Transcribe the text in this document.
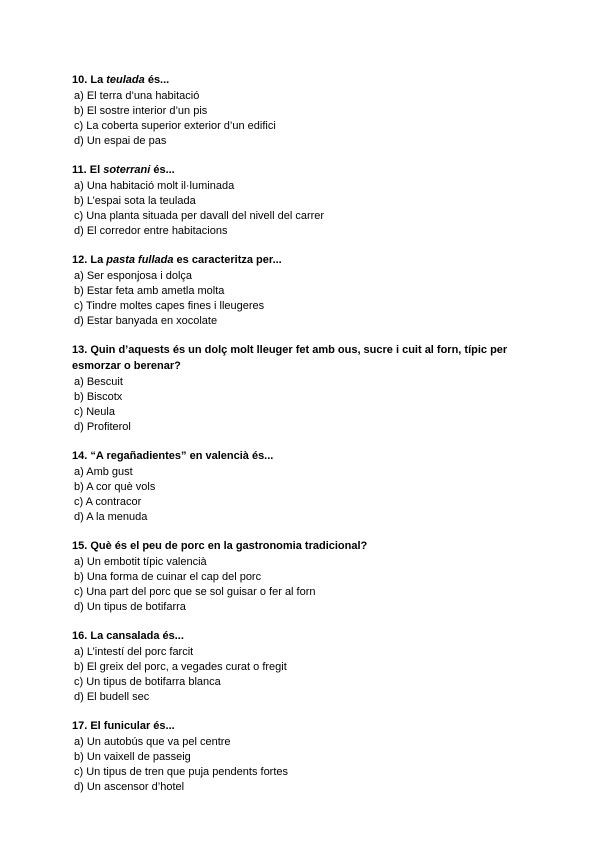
10. La teulada és...
a) El terra d’una habitació
b) El sostre interior d’un pis
c) La coberta superior exterior d’un edifici
d) Un espai de pas
11. El soterrani és...
a) Una habitació molt il·luminada
b) L’espai sota la teulada
c) Una planta situada per davall del nivell del carrer
d) El corredor entre habitacions
12. La pasta fullada es caracteritza per...
a) Ser esponjosa i dolça
b) Estar feta amb ametla molta
c) Tindre moltes capes fines i lleugeres
d) Estar banyada en xocolate
13. Quin d’aquests és un dolç molt lleuger fet amb ous, sucre i cuit al forn, típic per esmorzar o berenar?
a) Bescuit
b) Biscotx
c) Neula
d) Profiterol
14. “A regañadientes” en valencià és...
a) Amb gust
b) A cor què vols
c) A contracor
d) A la menuda
15. Què és el peu de porc en la gastronomia tradicional?
a) Un embotit típic valencià
b) Una forma de cuinar el cap del porc
c) Una part del porc que se sol guisar o fer al forn
d) Un tipus de botifarra
16. La cansalada és...
a) L’intestí del porc farcit
b) El greix del porc, a vegades curat o fregit
c) Un tipus de botifarra blanca
d) El budell sec
17. El funicular és...
a) Un autobús que va pel centre
b) Un vaixell de passeig
c) Un tipus de tren que puja pendents fortes
d) Un ascensor d’hotel
